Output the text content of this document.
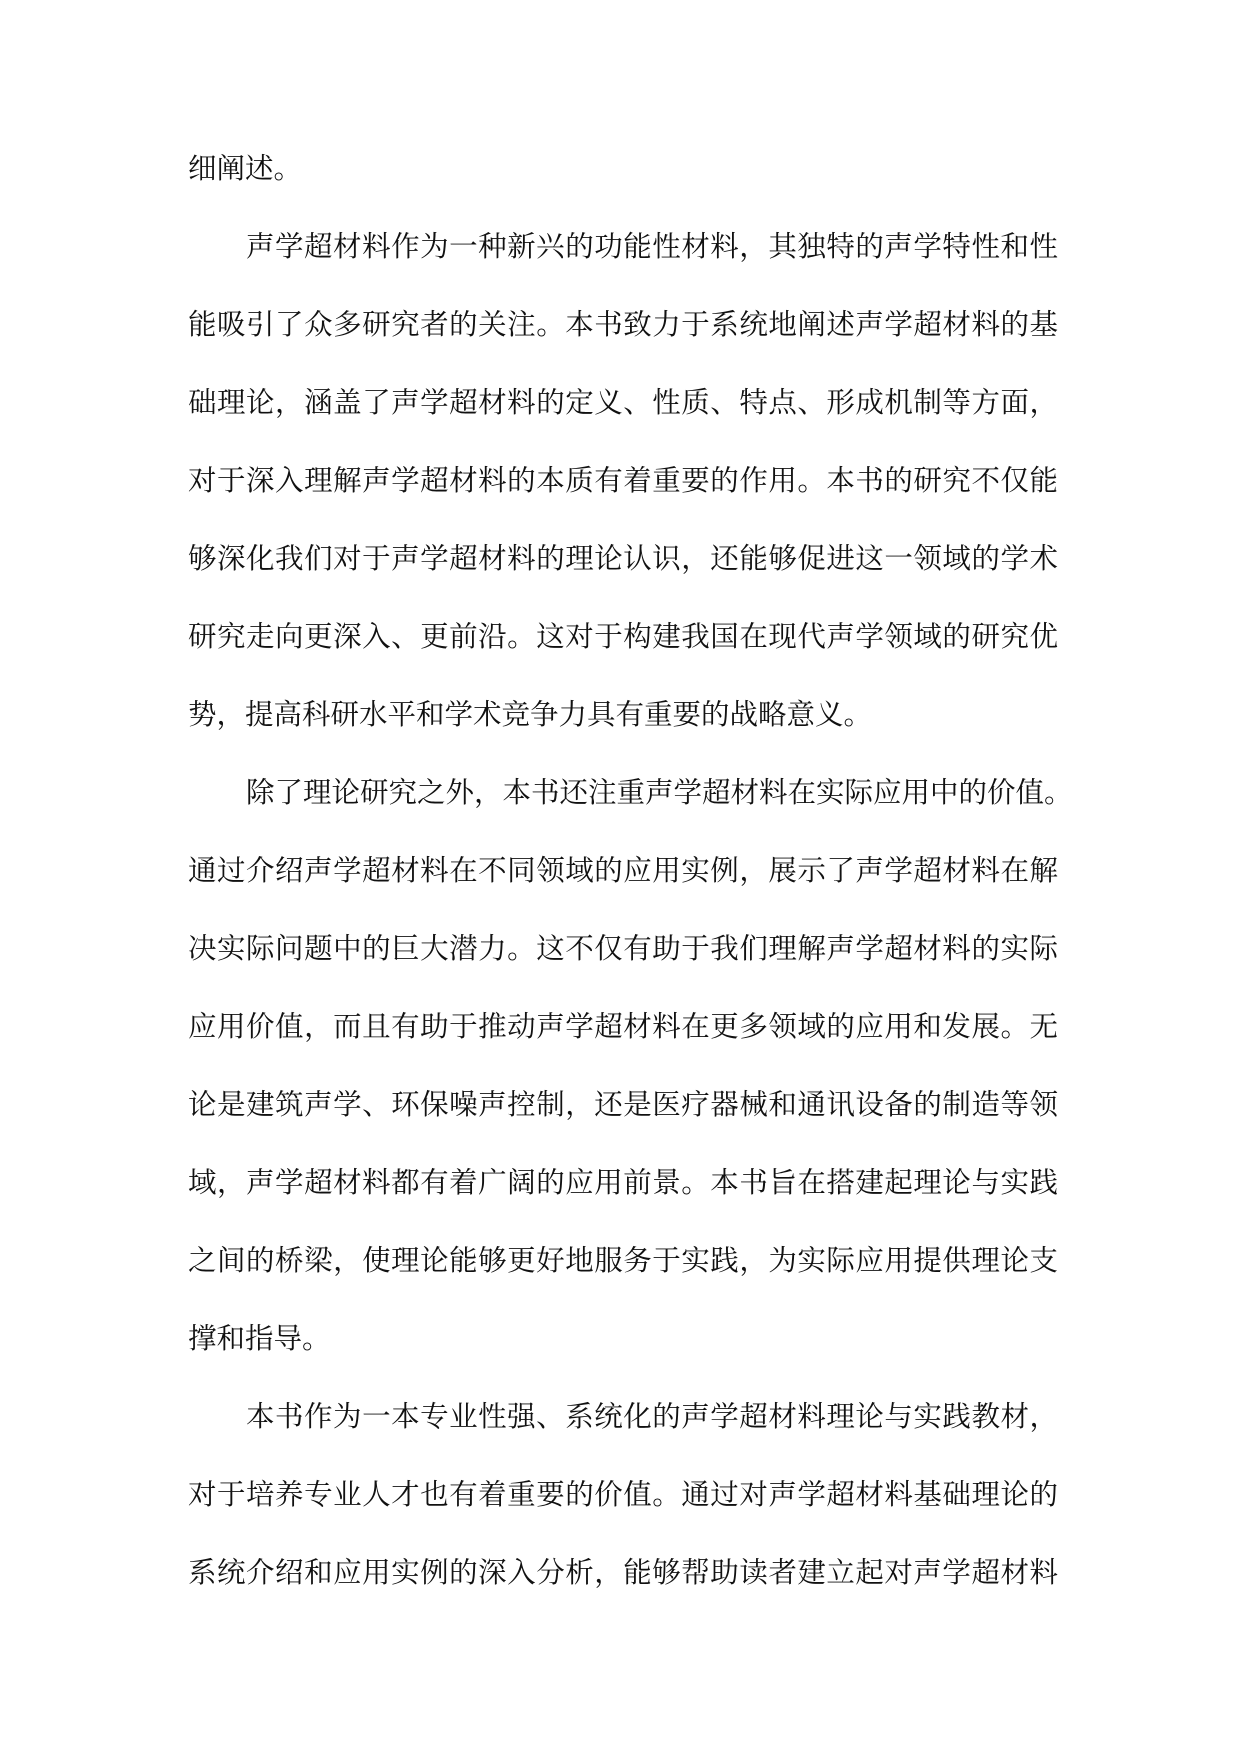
细阐述。
声学超材料作为一种新兴的功能性材料，其独特的声学特性和性
能吸引了众多研究者的关注。本书致力于系统地阐述声学超材料的基
础理论，涵盖了声学超材料的定义、性质、特点、形成机制等方面，
对于深入理解声学超材料的本质有着重要的作用。本书的研究不仅能
够深化我们对于声学超材料的理论认识，还能够促进这一领域的学术
研究走向更深入、更前沿。这对于构建我国在现代声学领域的研究优
势，提高科研水平和学术竞争力具有重要的战略意义。
除了理论研究之外，本书还注重声学超材料在实际应用中的价值。
通过介绍声学超材料在不同领域的应用实例，展示了声学超材料在解
决实际问题中的巨大潜力。这不仅有助于我们理解声学超材料的实际
应用价值，而且有助于推动声学超材料在更多领域的应用和发展。无
论是建筑声学、环保噪声控制，还是医疗器械和通讯设备的制造等领
域，声学超材料都有着广阔的应用前景。本书旨在搭建起理论与实践
之间的桥梁，使理论能够更好地服务于实践，为实际应用提供理论支
撑和指导。
本书作为一本专业性强、系统化的声学超材料理论与实践教材，
对于培养专业人才也有着重要的价值。通过对声学超材料基础理论的
系统介绍和应用实例的深入分析，能够帮助读者建立起对声学超材料
